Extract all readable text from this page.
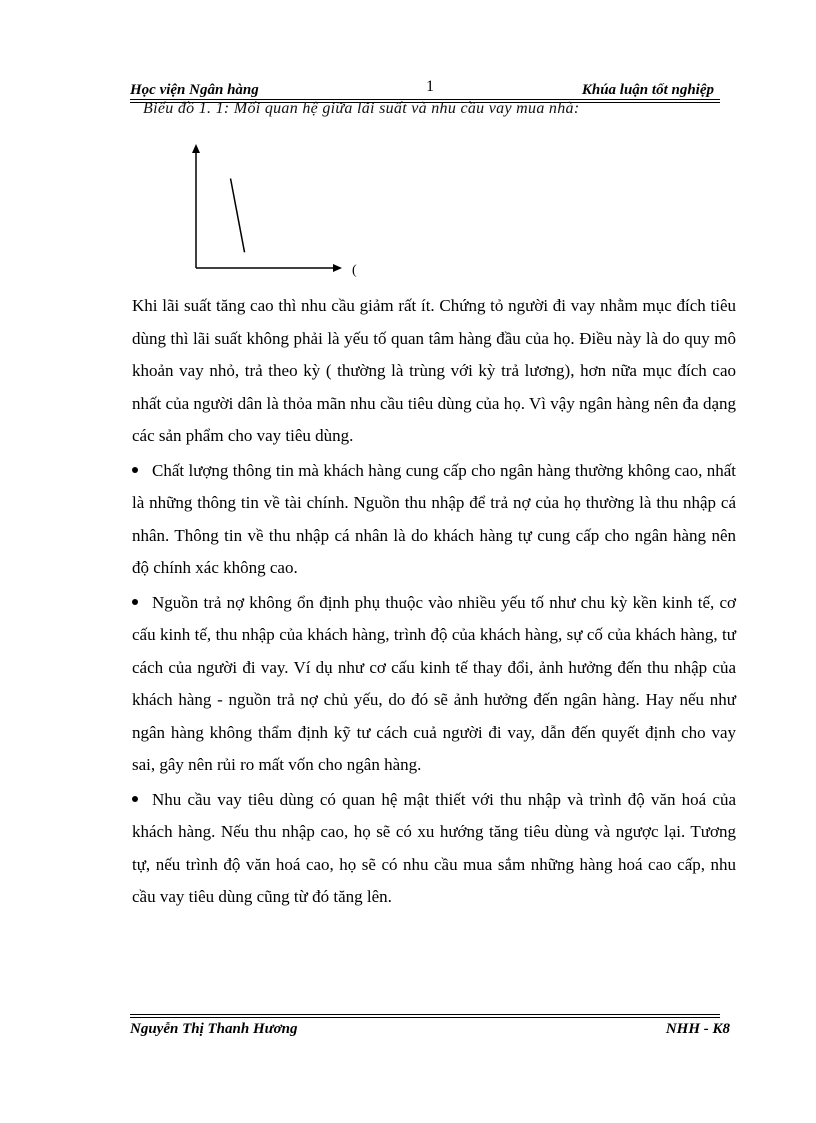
Học viện Ngân hàng	1	Khúa luận tốt nghiệp
Biểu đồ 1. 1: Mối quan hệ giữa lãi suất và nhu cầu vay mua nhà:
(

Khi lãi suất tăng cao thì nhu cầu giảm rất ít. Chứng tỏ người đi vay nhằm mục đích tiêu dùng thì lãi suất không phải là yếu tố quan tâm hàng đầu của họ. Điều này là do quy mô khoản vay nhỏ, trả theo kỳ ( thường là trùng với kỳ trả lương), hơn nữa mục đích cao nhất của người dân là thỏa mãn nhu cầu tiêu dùng của họ. Vì vậy ngân hàng nên đa dạng các sản phẩm cho vay tiêu dùng.

Chất lượng thông tin mà khách hàng cung cấp cho ngân hàng thường không cao, nhất là những thông tin về tài chính. Nguồn thu nhập để trả nợ của họ thường là thu nhập cá nhân. Thông tin về thu nhập cá nhân là do khách hàng tự cung cấp cho ngân hàng nên độ chính xác không cao.

Nguồn trả nợ không ổn định phụ thuộc vào nhiều yếu tố như chu kỳ kền kinh tế, cơ cấu kinh tế, thu nhập của khách hàng, trình độ của khách hàng, sự cố của khách hàng, tư cách của người đi vay. Ví dụ như cơ cấu kinh tế thay đổi, ảnh hưởng đến thu nhập của khách hàng - nguồn trả nợ chủ yếu, do đó sẽ ảnh hưởng đến ngân hàng. Hay nếu như ngân hàng không thẩm định kỹ tư cách cuả người đi vay, dẫn đến quyết định cho vay sai, gây nên rủi ro mất vốn cho ngân hàng.

Nhu cầu vay tiêu dùng có quan hệ mật thiết với thu nhập và trình độ văn hoá của khách hàng. Nếu thu nhập cao, họ sẽ có xu hướng tăng tiêu dùng và ngược lại. Tương tự, nếu trình độ văn hoá cao, họ sẽ có nhu cầu mua sắm những hàng hoá cao cấp, nhu cầu vay tiêu dùng cũng từ đó tăng lên.

Nguyễn Thị Thanh Hương	NHH - K8
